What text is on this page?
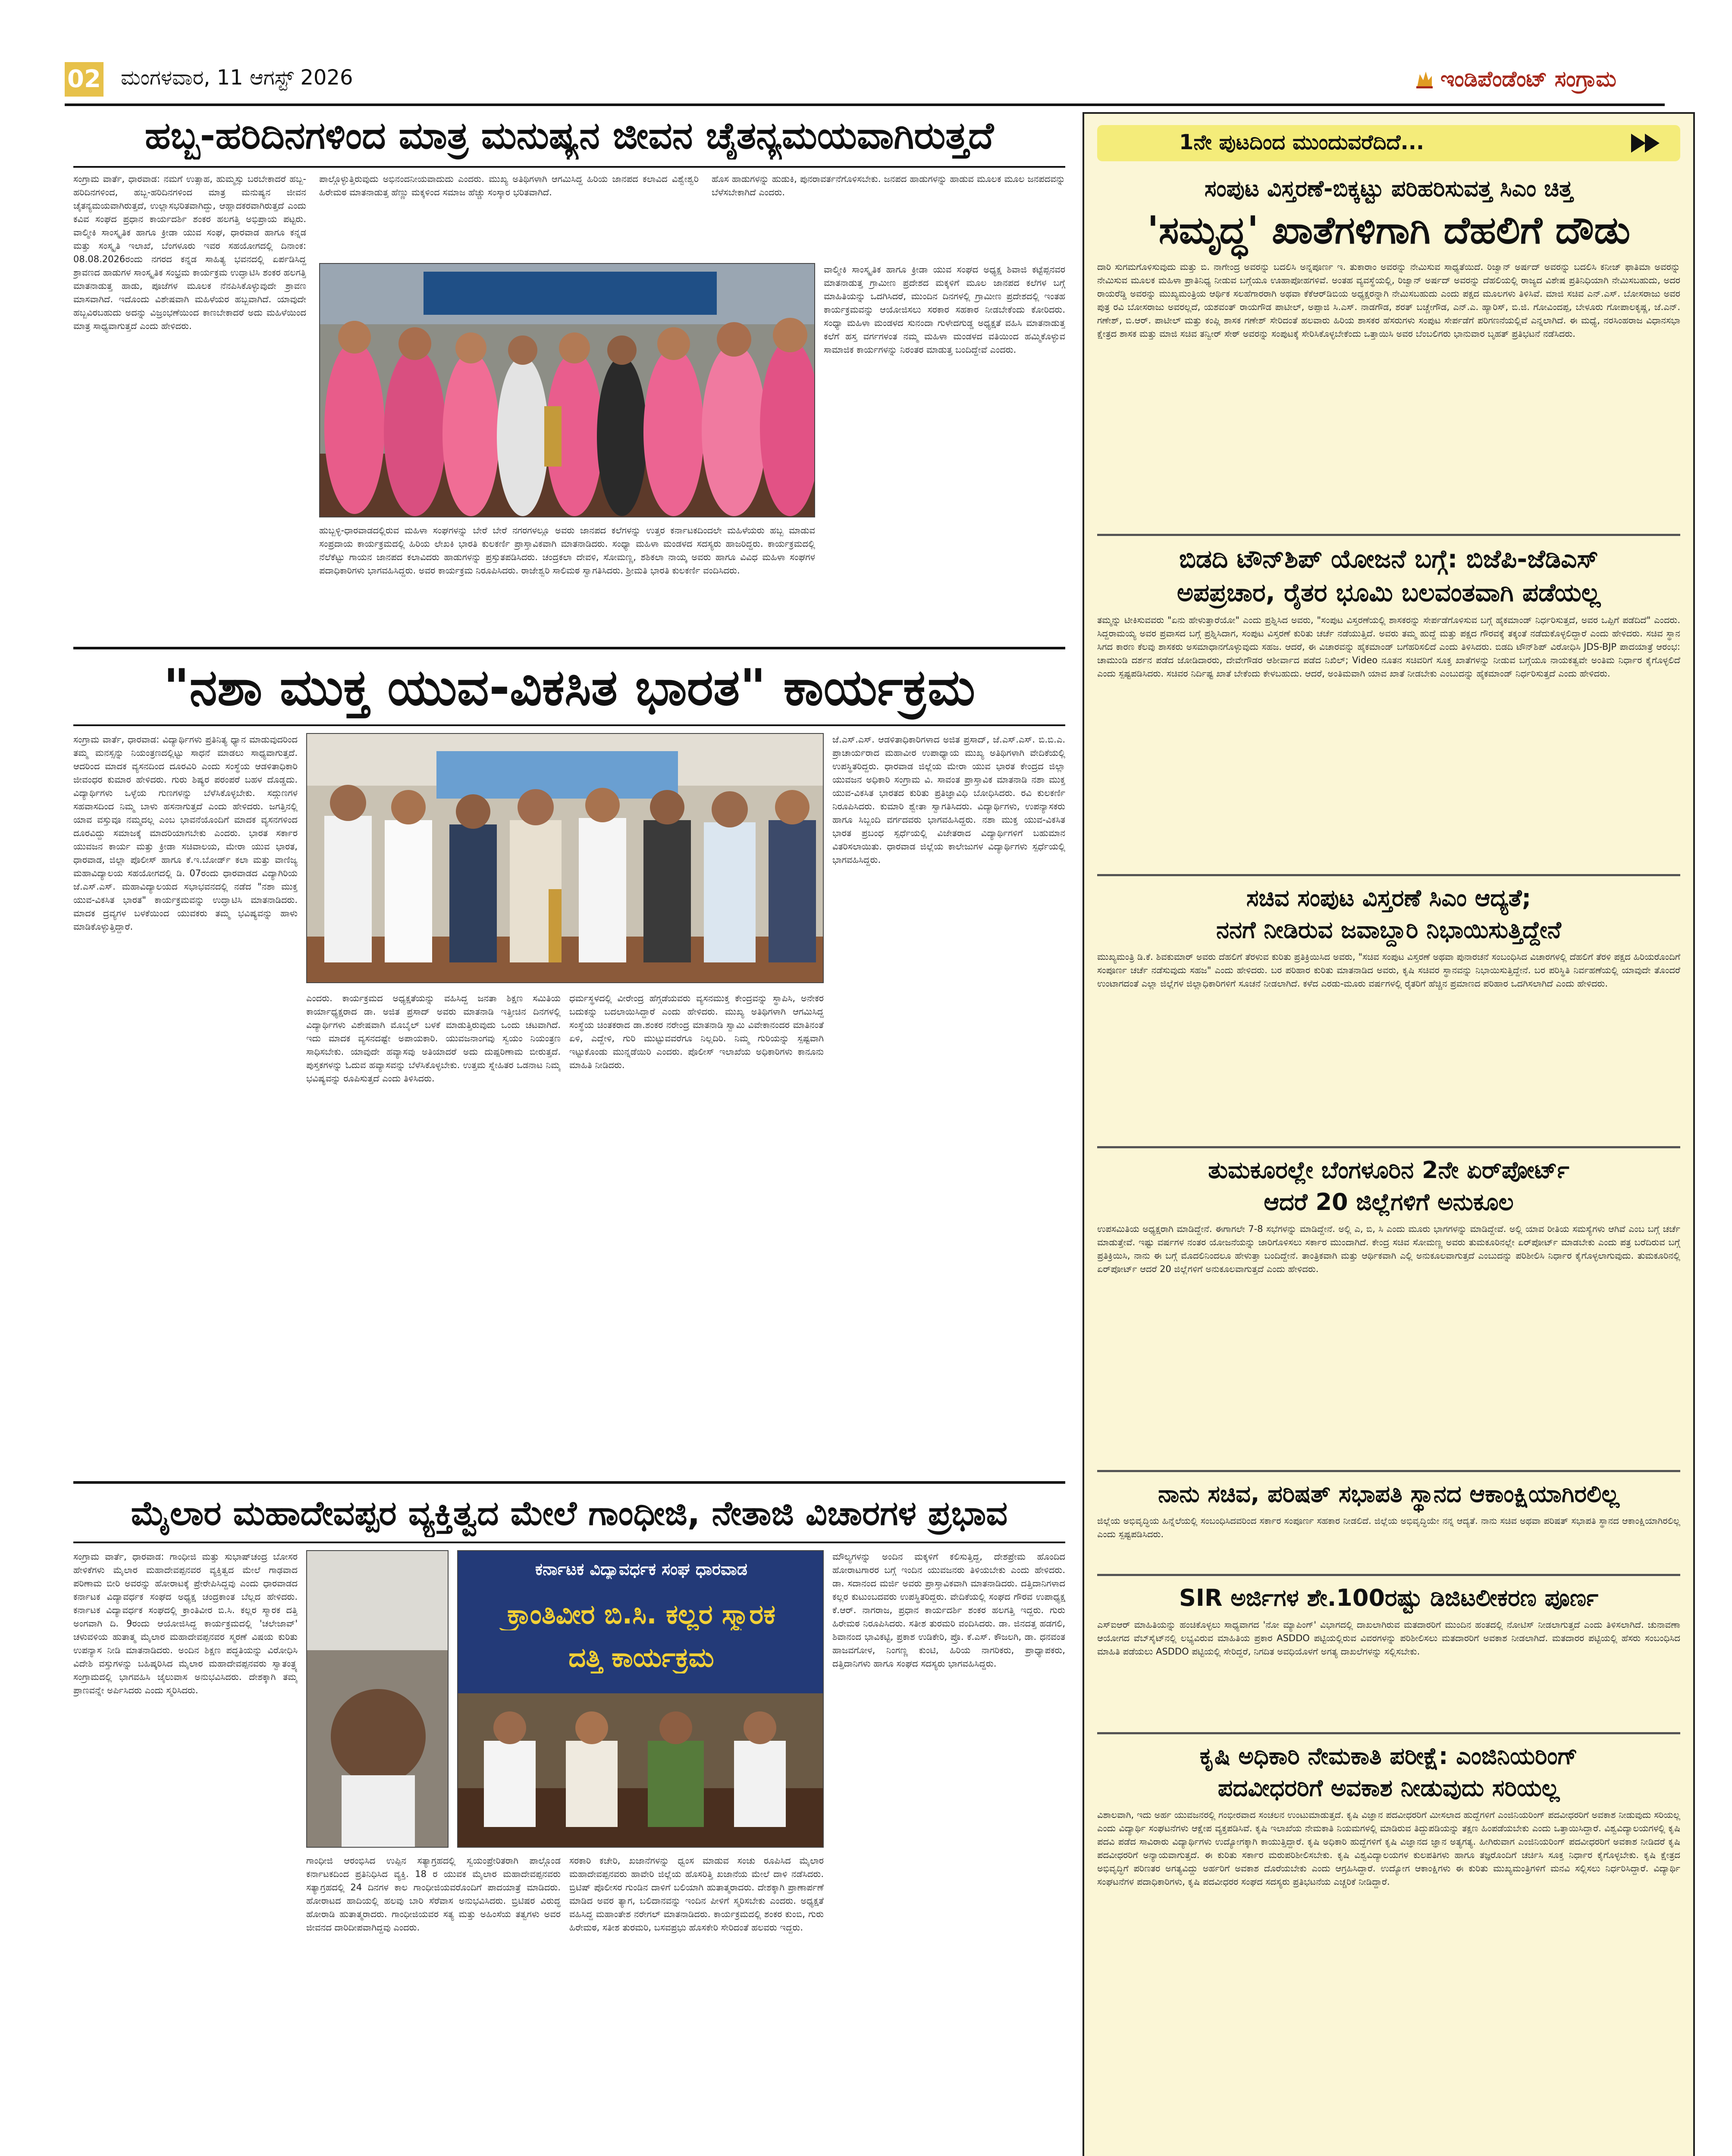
02 ಮಂಗಳವಾರ, 11 ಆಗಸ್ಟ್ 2026	ಇಂಡಿಪೆಂಡೆಂಟ್ ಸಂಗ್ರಾಮ
ಹಬ್ಬ-ಹರಿದಿನಗಳಿಂದ ಮಾತ್ರ ಮನುಷ್ಯನ ಜೀವನ ಚೈತನ್ಯಮಯವಾಗಿರುತ್ತದೆ
ಸಂಗ್ರಾಮ ವಾರ್ತೆ, ಧಾರವಾಡ: ನಮಗೆ ಉತ್ಸಾಹ, ಹುಮ್ಮಸ್ಸು ಬರಬೇಕಾದರೆ ಹಬ್ಬ-ಹರಿದಿನಗಳಿಂದ, ಹಬ್ಬ-ಹರಿದಿನಗಳಿಂದ ಮಾತ್ರ ಮನುಷ್ಯನ ಜೀವನ ಚೈತನ್ಯಮಯವಾಗಿರುತ್ತದೆ, ಉಲ್ಲಾಸಭರಿತವಾಗಿದ್ದು, ಆಹ್ಲಾದಕರವಾಗಿರುತ್ತದೆ ಎಂದು ಕವಿವ ಸಂಘದ ಪ್ರಧಾನ ಕಾರ್ಯದರ್ಶಿ ಶಂಕರ ಹಲಗತ್ತಿ ಅಭಿಪ್ರಾಯ ಪಟ್ಟರು. ವಾಲ್ಮೀಕಿ ಸಾಂಸ್ಕೃತಿಕ ಹಾಗೂ ಕ್ರೀಡಾ ಯುವ ಸಂಘ, ಧಾರವಾಡ ಹಾಗೂ ಕನ್ನಡ ಮತ್ತು ಸಂಸ್ಕೃತಿ ಇಲಾಖೆ, ಬೆಂಗಳೂರು ಇವರ ಸಹಯೋಗದಲ್ಲಿ ದಿನಾಂಕ: 08.08.2026ರಂದು ನಗರದ ಕನ್ನಡ ಸಾಹಿತ್ಯ ಭವನದಲ್ಲಿ ಏರ್ಪಡಿಸಿದ್ದ ಶ್ರಾವಣದ ಹಾಡುಗಳ ಸಾಂಸ್ಕೃತಿಕ ಸಂಭ್ರಮ ಕಾರ್ಯಕ್ರಮ ಉದ್ಘಾಟಿಸಿ ಶಂಕರ ಹಲಗತ್ತಿ ಮಾತನಾಡುತ್ತ ಹಾಡು, ಪೂಜೆಗಳ ಮೂಲಕ ನೆನಪಿಸಿಕೊಳ್ಳುವುದೇ ಶ್ರಾವಣ ಮಾಸವಾಗಿದೆ. ಇದೊಂದು ವಿಶೇಷವಾಗಿ ಮಹಿಳೆಯರ ಹಬ್ಬವಾಗಿದೆ. ಯಾವುದೇ ಹಬ್ಬವಿರಬಹುದು ಅದನ್ನು ವಿಜ್ರಂಭಣೆಯಿಂದ ಕಾಣಬೇಕಾದರೆ ಅದು ಮಹಿಳೆಯಿಂದ ಮಾತ್ರ ಸಾಧ್ಯವಾಗುತ್ತದೆ ಎಂದು ಹೇಳಿದರು.
ಪಾಲ್ಗೊಳ್ಳುತ್ತಿರುವುದು ಅಭಿನಂದನೀಯವಾದುದು ಎಂದರು. ಮುಖ್ಯ ಅತಿಥಿಗಳಾಗಿ ಆಗಮಿಸಿದ್ದ ಹಿರಿಯ ಜಾನಪದ ಕಲಾವಿದ ವಿಶ್ವೇಶ್ವರಿ ಹಿರೇಮಠ ಮಾತನಾಡುತ್ತ ಹೆಣ್ಣು ಮಕ್ಕಳಿಂದ ಸಮಾಜ ಹೆಚ್ಚು ಸಂಸ್ಕಾರ ಭರಿತವಾಗಿದೆ.
ಹೊಸ ಹಾಡುಗಳನ್ನು ಹುಡುಕಿ, ಪುನರಾವರ್ತನೆಗೊಳಿಸಬೇಕು. ಜನಪದ ಹಾಡುಗಳನ್ನು ಹಾಡುವ ಮೂಲಕ ಮೂಲ ಜನಪದವನ್ನು ಬೆಳೆಸಬೇಕಾಗಿದೆ ಎಂದರು.
ವಾಲ್ಮೀಕಿ ಸಾಂಸ್ಕೃತಿಕ ಹಾಗೂ ಕ್ರೀಡಾ ಯುವ ಸಂಘದ ಅಧ್ಯಕ್ಷ ಶಿವಾಜಿ ಕಟ್ಟೆಪ್ಪನವರ ಮಾತನಾಡುತ್ತ ಗ್ರಾಮೀಣ ಪ್ರದೇಶದ ಮಕ್ಕಳಿಗೆ ಮೂಲ ಜಾನಪದ ಕಲೆಗಳ ಬಗ್ಗೆ ಮಾಹಿತಿಯನ್ನು ಒದಗಿಸಿದರೆ, ಮುಂದಿನ ದಿನಗಳಲ್ಲಿ ಗ್ರಾಮೀಣ ಪ್ರದೇಶದಲ್ಲಿ ಇಂತಹ ಕಾರ್ಯಕ್ರಮವನ್ನು ಆಯೋಜಿಸಲು ಸರಕಾರ ಸಹಕಾರ ನೀಡಬೇಕೆಂದು ಕೋರಿದರು. ಸಂಧ್ಯಾ ಮಹಿಳಾ ಮಂಡಳದ ಸುನಂದಾ ಗುಳೇದಗುಡ್ಡ ಅಧ್ಯಕ್ಷತೆ ವಹಿಸಿ ಮಾತನಾಡುತ್ತ ಕಲೆಗೆ ಹಸ್ತ ವರ್ಗಗಳಂತ ನಮ್ಮ ಮಹಿಳಾ ಮಂಡಳದ ವತಿಯಿಂದ ಹಮ್ಮಿಕೊಳ್ಳುವ ಸಾಮಾಜಿಕ ಕಾರ್ಯಗಳನ್ನು ನಿರಂತರ ಮಾಡುತ್ತ ಬಂದಿದ್ದೇವೆ ಎಂದರು.
ಹುಬ್ಬಳ್ಳಿ-ಧಾರವಾಡದಲ್ಲಿರುವ ಮಹಿಳಾ ಸಂಘಗಳನ್ನು ಬೇರೆ ಬೇರೆ ನಗರಗಳಲ್ಲೂ ಅವರು ಜಾನಪದ ಕಲೆಗಳನ್ನು ಉತ್ತರ ಕರ್ನಾಟಕದಿಂದಲೇ ಮಹಿಳೆಯರು ಹಬ್ಬ ಮಾಡುವ ಸಂಪ್ರದಾಯ ಕಾರ್ಯಕ್ರಮದಲ್ಲಿ ಹಿರಿಯ ಲೇಖಕಿ ಭಾರತಿ ಕುಲಕರ್ಣಿ ಪ್ರಾಸ್ತಾವಿಕವಾಗಿ ಮಾತನಾಡಿದರು. ಸಂಧ್ಯಾ ಮಹಿಳಾ ಮಂಡಳದ ಸದಸ್ಯರು ಹಾಜರಿದ್ದರು. ಕಾರ್ಯಕ್ರಮದಲ್ಲಿ ನೆಲೆಕೆಟ್ಟು ಗಾಯನ ಜಾನಪದ ಕಲಾವಿದರು ಹಾಡುಗಳನ್ನು ಪ್ರಸ್ತುತಪಡಿಸಿದರು. ಚಂದ್ರಕಲಾ ದೇವಳಿ, ಸೋಮಣ್ಣ, ಶಶಿಕಲಾ ನಾಯ್ಕ ಅವರು ಹಾಗೂ ವಿವಿಧ ಮಹಿಳಾ ಸಂಘಗಳ ಪದಾಧಿಕಾರಿಗಳು ಭಾಗವಹಿಸಿದ್ದರು. ಅವರ ಕಾರ್ಯಕ್ರಮ ನಿರೂಪಿಸಿದರು. ರಾಜೇಶ್ವರಿ ಸಾಲಿಮಠ ಸ್ವಾಗತಿಸಿದರು. ಶ್ರೀಮತಿ ಭಾರತಿ ಕುಲಕರ್ಣಿ ವಂದಿಸಿದರು.
"ನಶಾ ಮುಕ್ತ ಯುವ-ವಿಕಸಿತ ಭಾರತ" ಕಾರ್ಯಕ್ರಮ
ಸಂಗ್ರಾಮ ವಾರ್ತೆ, ಧಾರವಾಡ: ವಿದ್ಯಾರ್ಥಿಗಳು ಪ್ರತಿನಿತ್ಯ ಧ್ಯಾನ ಮಾಡುವುದರಿಂದ ತಮ್ಮ ಮನಸ್ಸನ್ನು ನಿಯಂತ್ರಣದಲ್ಲಿಟ್ಟು ಸಾಧನೆ ಮಾಡಲು ಸಾಧ್ಯವಾಗುತ್ತದೆ. ಆದರಿಂದ ಮಾದಕ ವ್ಯಸನದಿಂದ ದೂರವಿರಿ ಎಂದು ಸಂಸ್ಥೆಯ ಆಡಳಿತಾಧಿಕಾರಿ ಜೀವಂಧರ ಕುಮಾರ ಹೇಳಿದರು. ಗುರು ಶಿಷ್ಯರ ಪರಂಪರೆ ಬಹಳ ದೊಡ್ಡದು. ವಿದ್ಯಾರ್ಥಿಗಳು ಒಳ್ಳೆಯ ಗುಣಗಳನ್ನು ಬೆಳೆಸಿಕೊಳ್ಳಬೇಕು. ಸದ್ಗುಣಗಳ ಸಹವಾಸದಿಂದ ನಿಮ್ಮ ಬಾಳು ಹಸನಾಗುತ್ತದೆ ಎಂದು ಹೇಳಿದರು. ಜಗತ್ತಿನಲ್ಲಿ ಯಾವ ವಸ್ತುವೂ ನಮ್ಮದಲ್ಲ ಎಂಬ ಭಾವನೆಯೊಂದಿಗೆ ಮಾದಕ ವ್ಯಸನಗಳಿಂದ ದೂರವಿದ್ದು ಸಮಾಜಕ್ಕೆ ಮಾದರಿಯಾಗಬೇಕು ಎಂದರು. ಭಾರತ ಸರ್ಕಾರ ಯುವಜನ ಕಾರ್ಯ ಮತ್ತು ಕ್ರೀಡಾ ಸಚಿವಾಲಯ, ಮೇರಾ ಯುವ ಭಾರತ, ಧಾರವಾಡ, ಜಿಲ್ಲಾ ಪೊಲೀಸ್ ಹಾಗೂ ಕೆ.ಇ.ಬೋರ್ಡ್ ಕಲಾ ಮತ್ತು ವಾಣಿಜ್ಯ ಮಹಾವಿದ್ಯಾಲಯ ಸಹಯೋಗದಲ್ಲಿ ಡಿ. 07ರಂದು ಧಾರವಾಡದ ವಿದ್ಯಾಗಿರಿಯ ಜೆ.ಎಸ್.ಎಸ್. ಮಹಾವಿದ್ಯಾಲಯದ ಸಭಾಭವನದಲ್ಲಿ ನಡೆದ "ನಶಾ ಮುಕ್ತ ಯುವ-ವಿಕಸಿತ ಭಾರತ" ಕಾರ್ಯಕ್ರಮವನ್ನು ಉದ್ಘಾಟಿಸಿ ಮಾತನಾಡಿದರು. ಮಾದಕ ದ್ರವ್ಯಗಳ ಬಳಕೆಯಿಂದ ಯುವಕರು ತಮ್ಮ ಭವಿಷ್ಯವನ್ನು ಹಾಳು ಮಾಡಿಕೊಳ್ಳುತ್ತಿದ್ದಾರೆ.
ಜೆ.ಎಸ್.ಎಸ್. ಆಡಳಿತಾಧಿಕಾರಿಗಳಾದ ಅಜಿತ ಪ್ರಸಾದ್, ಜೆ.ಎಸ್.ಎಸ್. ಬಿ.ಬಿ.ಎ. ಪ್ರಾಚಾರ್ಯರಾದ ಮಹಾವೀರ ಉಪಾಧ್ಯಾಯ ಮುಖ್ಯ ಅತಿಥಿಗಳಾಗಿ ವೇದಿಕೆಯಲ್ಲಿ ಉಪಸ್ಥಿತರಿದ್ದರು. ಧಾರವಾಡ ಜಿಲ್ಲೆಯ ಮೇರಾ ಯುವ ಭಾರತ ಕೇಂದ್ರದ ಜಿಲ್ಲಾ ಯುವಜನ ಅಧಿಕಾರಿ ಸಂಗ್ರಾಮ ವಿ. ಸಾವಂತ ಪ್ರಾಸ್ತಾವಿಕ ಮಾತನಾಡಿ ನಶಾ ಮುಕ್ತ ಯುವ-ವಿಕಸಿತ ಭಾರತದ ಕುರಿತು ಪ್ರತಿಜ್ಞಾವಿಧಿ ಬೋಧಿಸಿದರು. ರವಿ ಕುಲಕರ್ಣಿ ನಿರೂಪಿಸಿದರು. ಕುಮಾರಿ ಶ್ವೇತಾ ಸ್ವಾಗತಿಸಿದರು. ವಿದ್ಯಾರ್ಥಿಗಳು, ಉಪನ್ಯಾಸಕರು ಹಾಗೂ ಸಿಬ್ಬಂದಿ ವರ್ಗದವರು ಭಾಗವಹಿಸಿದ್ದರು. ನಶಾ ಮುಕ್ತ ಯುವ-ವಿಕಸಿತ ಭಾರತ ಪ್ರಬಂಧ ಸ್ಪರ್ಧೆಯಲ್ಲಿ ವಿಜೇತರಾದ ವಿದ್ಯಾರ್ಥಿಗಳಿಗೆ ಬಹುಮಾನ ವಿತರಿಸಲಾಯಿತು. ಧಾರವಾಡ ಜಿಲ್ಲೆಯ ಕಾಲೇಜುಗಳ ವಿದ್ಯಾರ್ಥಿಗಳು ಸ್ಪರ್ಧೆಯಲ್ಲಿ ಭಾಗವಹಿಸಿದ್ದರು.
ಎಂದರು. ಕಾರ್ಯಕ್ರಮದ ಅಧ್ಯಕ್ಷತೆಯನ್ನು ವಹಿಸಿದ್ದ ಜನತಾ ಶಿಕ್ಷಣ ಸಮಿತಿಯ ಕಾರ್ಯಾಧ್ಯಕ್ಷರಾದ ಡಾ. ಅಜಿತ ಪ್ರಸಾದ್ ಅವರು ಮಾತನಾಡಿ ಇತ್ತೀಚಿನ ದಿನಗಳಲ್ಲಿ ವಿದ್ಯಾರ್ಥಿಗಳು ವಿಶೇಷವಾಗಿ ಮೊಬೈಲ್ ಬಳಕೆ ಮಾಡುತ್ತಿರುವುದು ಒಂದು ಚಟವಾಗಿದೆ. ಇದು ಮಾದಕ ವ್ಯಸನದಷ್ಟೇ ಅಪಾಯಕಾರಿ. ಯುವಜನಾಂಗವು ಸ್ವಯಂ ನಿಯಂತ್ರಣ ಸಾಧಿಸಬೇಕು. ಯಾವುದೇ ಹವ್ಯಾಸವು ಅತಿಯಾದರೆ ಅದು ದುಷ್ಪರಿಣಾಮ ಬೀರುತ್ತದೆ. ಪುಸ್ತಕಗಳನ್ನು ಓದುವ ಹವ್ಯಾಸವನ್ನು ಬೆಳೆಸಿಕೊಳ್ಳಬೇಕು. ಉತ್ತಮ ಸ್ನೇಹಿತರ ಒಡನಾಟ ನಿಮ್ಮ ಭವಿಷ್ಯವನ್ನು ರೂಪಿಸುತ್ತದೆ ಎಂದು ತಿಳಿಸಿದರು.
ಧರ್ಮಸ್ಥಳದಲ್ಲಿ ವೀರೇಂದ್ರ ಹೆಗ್ಗಡೆಯವರು ವ್ಯಸನಮುಕ್ತ ಕೇಂದ್ರವನ್ನು ಸ್ಥಾಪಿಸಿ, ಅನೇಕರ ಬದುಕನ್ನು ಬದಲಾಯಿಸಿದ್ದಾರೆ ಎಂದು ಹೇಳಿದರು. ಮುಖ್ಯ ಅತಿಥಿಗಳಾಗಿ ಆಗಮಿಸಿದ್ದ ಸಂಸ್ಥೆಯ ಚಿಂತಕರಾದ ಡಾ.ಶಂಕರ ನರೇಂದ್ರ ಮಾತನಾಡಿ ಸ್ವಾಮಿ ವಿವೇಕಾನಂದರ ಮಾತಿನಂತೆ ಏಳಿ, ಎದ್ದೇಳಿ, ಗುರಿ ಮುಟ್ಟುವವರೆಗೂ ನಿಲ್ಲದಿರಿ. ನಿಮ್ಮ ಗುರಿಯನ್ನು ಸ್ಪಷ್ಟವಾಗಿ ಇಟ್ಟುಕೊಂಡು ಮುನ್ನಡೆಯಿರಿ ಎಂದರು. ಪೊಲೀಸ್ ಇಲಾಖೆಯ ಅಧಿಕಾರಿಗಳು ಕಾನೂನು ಮಾಹಿತಿ ನೀಡಿದರು.
ಮೈಲಾರ ಮಹಾದೇವಪ್ಪರ ವ್ಯಕ್ತಿತ್ವದ ಮೇಲೆ ಗಾಂಧೀಜಿ, ನೇತಾಜಿ ವಿಚಾರಗಳ ಪ್ರಭಾವ
ಸಂಗ್ರಾಮ ವಾರ್ತೆ, ಧಾರವಾಡ: ಗಾಂಧೀಜಿ ಮತ್ತು ಸುಭಾಷ್‌ಚಂದ್ರ ಬೋಸರ ಹೇಳಿಕೆಗಳು ಮೈಲಾರ ಮಹಾದೇವಪ್ಪನವರ ವ್ಯಕ್ತಿತ್ವದ ಮೇಲೆ ಗಾಢವಾದ ಪರಿಣಾಮ ಬೀರಿ ಅವರನ್ನು ಹೋರಾಟಕ್ಕೆ ಪ್ರೇರೇಪಿಸಿದ್ದವು ಎಂದು ಧಾರವಾಡದ ಕರ್ನಾಟಕ ವಿದ್ಯಾವರ್ಧಕ ಸಂಘದ ಅಧ್ಯಕ್ಷ ಚಂದ್ರಕಾಂತ ಬೆಲ್ಲದ ಹೇಳಿದರು. ಕರ್ನಾಟಕ ವಿದ್ಯಾವರ್ಧಕ ಸಂಘದಲ್ಲಿ ಕ್ರಾಂತಿವೀರ ಬಿ.ಸಿ. ಕಲ್ಲರ ಸ್ಮಾರಕ ದತ್ತಿ ಅಂಗವಾಗಿ ದಿ. 9ರಂದು ಆಯೋಜಿಸಿದ್ದ ಕಾರ್ಯಕ್ರಮದಲ್ಲಿ 'ಚಲೇಜಾವ್' ಚಳುವಳಿಯ ಹುತಾತ್ಮ ಮೈಲಾರ ಮಹಾದೇವಪ್ಪನವರ ಸ್ಮರಣೆ ವಿಷಯ ಕುರಿತು ಉಪನ್ಯಾಸ ನೀಡಿ ಮಾತನಾಡಿದರು. ಅಂದಿನ ಶಿಕ್ಷಣ ಪದ್ಧತಿಯನ್ನು ವಿರೋಧಿಸಿ ವಿದೇಶಿ ವಸ್ತುಗಳನ್ನು ಬಹಿಷ್ಕರಿಸಿದ ಮೈಲಾರ ಮಹಾದೇವಪ್ಪನವರು ಸ್ವಾತಂತ್ರ್ಯ ಸಂಗ್ರಾಮದಲ್ಲಿ ಭಾಗವಹಿಸಿ ಜೈಲುವಾಸ ಅನುಭವಿಸಿದರು. ದೇಶಕ್ಕಾಗಿ ತಮ್ಮ ಪ್ರಾಣವನ್ನೇ ಅರ್ಪಿಸಿದರು ಎಂದು ಸ್ಮರಿಸಿದರು.
ಕರ್ನಾಟಕ ವಿದ್ಯಾವರ್ಧಕ ಸಂಘ ಧಾರವಾಡ
ಕ್ರಾಂತಿವೀರ ಬಿ.ಸಿ. ಕಲ್ಲರ ಸ್ಮಾರಕ
ದತ್ತಿ ಕಾರ್ಯಕ್ರಮ
ಗಾಂಧೀಜಿ ಆರಂಭಿಸಿದ ಉಪ್ಪಿನ ಸತ್ಯಾಗ್ರಹದಲ್ಲಿ ಸ್ವಯಂಪ್ರೇರಿತರಾಗಿ ಪಾಲ್ಗೊಂಡ ಕರ್ನಾಟಕದಿಂದ ಪ್ರತಿನಿಧಿಸಿದ ವ್ಯಕ್ತಿ. 18 ರ ಯುವಕ ಮೈಲಾರ ಮಹಾದೇವಪ್ಪನವರು ಸತ್ಯಾಗ್ರಹದಲ್ಲಿ 24 ದಿನಗಳ ಕಾಲ ಗಾಂಧೀಜಿಯವರೊಂದಿಗೆ ಪಾದಯಾತ್ರೆ ಮಾಡಿದರು. ಹೋರಾಟದ ಹಾದಿಯಲ್ಲಿ ಹಲವು ಬಾರಿ ಸೆರೆವಾಸ ಅನುಭವಿಸಿದರು. ಬ್ರಿಟಿಷರ ವಿರುದ್ಧ ಹೋರಾಡಿ ಹುತಾತ್ಮರಾದರು. ಗಾಂಧೀಜಿಯವರ ಸತ್ಯ ಮತ್ತು ಅಹಿಂಸೆಯ ತತ್ವಗಳು ಅವರ ಜೀವನದ ದಾರಿದೀಪವಾಗಿದ್ದವು ಎಂದರು.
ಸರಕಾರಿ ಕಚೇರಿ, ಖಜಾನೆಗಳನ್ನು ಧ್ವಂಸ ಮಾಡುವ ಸಂಚು ರೂಪಿಸಿದ ಮೈಲಾರ ಮಹಾದೇವಪ್ಪನವರು ಹಾವೇರಿ ಜಿಲ್ಲೆಯ ಹೊಸರಿತ್ತಿ ಖಜಾನೆಯ ಮೇಲೆ ದಾಳಿ ನಡೆಸಿದರು. ಬ್ರಿಟಿಷ್ ಪೊಲೀಸರ ಗುಂಡಿನ ದಾಳಿಗೆ ಬಲಿಯಾಗಿ ಹುತಾತ್ಮರಾದರು. ದೇಶಕ್ಕಾಗಿ ಪ್ರಾಣಾರ್ಪಣೆ ಮಾಡಿದ ಅವರ ತ್ಯಾಗ, ಬಲಿದಾನವನ್ನು ಇಂದಿನ ಪೀಳಿಗೆ ಸ್ಮರಿಸಬೇಕು ಎಂದರು. ಅಧ್ಯಕ್ಷತೆ ವಹಿಸಿದ್ದ ಮಹಾಂತೇಶ ನರೇಗಲ್ ಮಾತನಾಡಿದರು. ಕಾರ್ಯಕ್ರಮದಲ್ಲಿ ಶಂಕರ ಕುಂಬಿ, ಗುರು ಹಿರೇಮಠ, ಸತೀಶ ತುರಮರಿ, ಬಸವಪ್ರಭು ಹೊಸಕೇರಿ ಸೇರಿದಂತೆ ಹಲವರು ಇದ್ದರು.
ಮೌಲ್ಯಗಳನ್ನು ಅಂದಿನ ಮಕ್ಕಳಿಗೆ ಕಲಿಸುತ್ತಿದ್ದ, ದೇಶಪ್ರೇಮ ಹೊಂದಿದ ಹೋರಾಟಗಾರರ ಬಗ್ಗೆ ಇಂದಿನ ಯುವಜನರು ತಿಳಿಯಬೇಕು ಎಂದು ಹೇಳಿದರು. ಡಾ. ಸದಾನಂದ ಮರ್ಜಿ ಅವರು ಪ್ರಾಸ್ತಾವಿಕವಾಗಿ ಮಾತನಾಡಿದರು. ದತ್ತಿದಾನಿಗಳಾದ ಕಲ್ಲರ ಕುಟುಂಬದವರು ಉಪಸ್ಥಿತರಿದ್ದರು. ವೇದಿಕೆಯಲ್ಲಿ ಸಂಘದ ಗೌರವ ಉಪಾಧ್ಯಕ್ಷ ಕೆ.ಆರ್. ನಾಗರಾಜ, ಪ್ರಧಾನ ಕಾರ್ಯದರ್ಶಿ ಶಂಕರ ಹಲಗತ್ತಿ ಇದ್ದರು. ಗುರು ಹಿರೇಮಠ ನಿರೂಪಿಸಿದರು. ಸತೀಶ ತುರಮರಿ ವಂದಿಸಿದರು. ಡಾ. ಜಿನದತ್ತ ಹಡಗಲಿ, ಶಿವಾನಂದ ಭಾವಿಕಟ್ಟಿ, ಪ್ರಕಾಶ ಉಡಿಕೇರಿ, ಪ್ರೊ. ಕೆ.ಎಸ್. ಕೌಜಲಗಿ, ಡಾ. ಧನವಂತ ಹಾಜವಗೋಳ, ನಿಂಗಣ್ಣ ಕುಂಟಿ, ಹಿರಿಯ ನಾಗರಿಕರು, ಪ್ರಾಧ್ಯಾಪಕರು, ದತ್ತಿದಾನಿಗಳು ಹಾಗೂ ಸಂಘದ ಸದಸ್ಯರು ಭಾಗವಹಿಸಿದ್ದರು.
1ನೇ ಪುಟದಿಂದ ಮುಂದುವರೆದಿದೆ...
ಸಂಪುಟ ವಿಸ್ತರಣೆ-ಬಿಕ್ಕಟ್ಟು ಪರಿಹರಿಸುವತ್ತ ಸಿಎಂ ಚಿತ್ತ
'ಸಮೃದ್ಧ' ಖಾತೆಗಳಿಗಾಗಿ ದೆಹಲಿಗೆ ದೌಡು
ದಾರಿ ಸುಗಮಗೊಳಿಸುವುದು ಮತ್ತು ಬಿ. ನಾಗೇಂದ್ರ ಅವರನ್ನು ಬದಲಿಸಿ ಅನ್ನಪೂರ್ಣ ಇ. ತುಕಾರಾಂ ಅವರನ್ನು ನೇಮಿಸುವ ಸಾಧ್ಯತೆಯಿದೆ. ರಿಜ್ವಾನ್ ಅರ್ಷದ್ ಅವರನ್ನು ಬದಲಿಸಿ ಕನೀಜ್ ಫಾತಿಮಾ ಅವರನ್ನು ನೇಮಿಸುವ ಮೂಲಕ ಮಹಿಳಾ ಪ್ರಾತಿನಿಧ್ಯ ನೀಡುವ ಬಗ್ಗೆಯೂ ಊಹಾಪೋಹಗಳಿವೆ. ಅಂತಹ ವ್ಯವಸ್ಥೆಯಲ್ಲಿ, ರಿಜ್ವಾನ್ ಅರ್ಷದ್ ಅವರನ್ನು ದೆಹಲಿಯಲ್ಲಿ ರಾಜ್ಯದ ವಿಶೇಷ ಪ್ರತಿನಿಧಿಯಾಗಿ ನೇಮಿಸಬಹುದು, ಅದರ ರಾಯರೆಡ್ಡಿ ಅವರನ್ನು ಮುಖ್ಯಮಂತ್ರಿಯ ಆರ್ಥಿಕ ಸಲಹೆಗಾರರಾಗಿ ಅಥವಾ ಕೆಕೆಆರ್‌ಡಿಬಿಯ ಅಧ್ಯಕ್ಷರನ್ನಾಗಿ ನೇಮಿಸಬಹುದು ಎಂದು ಪಕ್ಷದ ಮೂಲಗಳು ತಿಳಿಸಿವೆ. ಮಾಜಿ ಸಚಿವ ಎನ್.ಎಸ್. ಬೋಸರಾಜು ಅವರ ಪುತ್ರ ರವಿ ಬೋಸರಾಜು ಅವರಲ್ಲದೆ, ಯಶವಂತ್ ರಾಯಗೌಡ ಪಾಟೀಲ್, ಅಪ್ಪಾಜಿ ಸಿ.ಎಸ್. ನಾಡಗೌಡ, ಶರತ್ ಬಚ್ಚೇಗೌಡ, ಎನ್.ಎ. ಹ್ಯಾರಿಸ್, ಬಿ.ಜಿ. ಗೋವಿಂದಪ್ಪ, ಬೇಳೂರು ಗೋಪಾಲಕೃಷ್ಣ, ಜೆ.ಎನ್. ಗಣೇಶ್, ಬಿ.ಆರ್. ಪಾಟೀಲ್ ಮತ್ತು ಕಂಪ್ಲಿ ಶಾಸಕ ಗಣೇಶ್ ಸೇರಿದಂತೆ ಹಲವಾರು ಹಿರಿಯ ಶಾಸಕರ ಹೆಸರುಗಳು ಸಂಪುಟ ಸೇರ್ಪಡೆಗೆ ಪರಿಗಣನೆಯಲ್ಲಿವೆ ಎನ್ನಲಾಗಿದೆ. ಈ ಮಧ್ಯೆ, ನರಸಿಂಹರಾಜ ವಿಧಾನಸಭಾ ಕ್ಷೇತ್ರದ ಶಾಸಕ ಮತ್ತು ಮಾಜಿ ಸಚಿವ ತನ್ವೀರ್ ಸೇಠ್ ಅವರನ್ನು ಸಂಪುಟಕ್ಕೆ ಸೇರಿಸಿಕೊಳ್ಳಬೇಕೆಂದು ಒತ್ತಾಯಿಸಿ ಅವರ ಬೆಂಬಲಿಗರು ಭಾನುವಾರ ಬೃಹತ್ ಪ್ರತಿಭಟನೆ ನಡೆಸಿದರು.
ಬಿಡದಿ ಟೌನ್‌ಶಿಪ್ ಯೋಜನೆ ಬಗ್ಗೆ: ಬಿಜೆಪಿ-ಜೆಡಿಎಸ್
ಅಪಪ್ರಚಾರ, ರೈತರ ಭೂಮಿ ಬಲವಂತವಾಗಿ ಪಡೆಯಲ್ಲ
ತಮ್ಮನ್ನು ಟೀಕಿಸುವವರು "ಏನು ಹೇಳುತ್ತಾರೆಯೋ" ಎಂದು ಪ್ರಶ್ನಿಸಿದ ಅವರು, "ಸಂಪುಟ ವಿಸ್ತರಣೆಯಲ್ಲಿ ಶಾಸಕರನ್ನು ಸೇರ್ಪಡೆಗೊಳಿಸುವ ಬಗ್ಗೆ ಹೈಕಮಾಂಡ್ ನಿರ್ಧರಿಸುತ್ತದೆ, ಅವರ ಒಪ್ಪಿಗೆ ಪಡೆದಿದೆ" ಎಂದರು. ಸಿದ್ದರಾಮಯ್ಯ ಅವರ ಪ್ರವಾಸದ ಬಗ್ಗೆ ಪ್ರಶ್ನಿಸಿದಾಗ, ಸಂಪುಟ ವಿಸ್ತರಣೆ ಕುರಿತು ಚರ್ಚೆ ನಡೆಯುತ್ತಿದೆ. ಅವರು ತಮ್ಮ ಹುದ್ದೆ ಮತ್ತು ಪಕ್ಷದ ಗೌರವಕ್ಕೆ ತಕ್ಕಂತೆ ನಡೆದುಕೊಳ್ಳಲಿದ್ದಾರೆ ಎಂದು ಹೇಳಿದರು. ಸಚಿವ ಸ್ಥಾನ ಸಿಗದ ಕಾರಣ ಕೆಲವು ಶಾಸಕರು ಅಸಮಾಧಾನಗೊಳ್ಳುವುದು ಸಹಜ. ಆದರೆ, ಈ ವಿಚಾರವನ್ನು ಹೈಕಮಾಂಡ್ ಬಗೆಹರಿಸಲಿದೆ ಎಂದು ತಿಳಿಸಿದರು. ಬಿಡದಿ ಟೌನ್‌ಶಿಪ್ ವಿರೋಧಿಸಿ JDS-BJP ಪಾದಯಾತ್ರೆ ಆರಂಭ: ಚಾಮುಂಡಿ ದರ್ಶನ ಪಡೆದ ಜೋಡಿದಾರರು, ದೇವೇಗೌಡರ ಆಶೀರ್ವಾದ ಪಡೆದ ನಿಖಿಲ್; Video ನೂತನ ಸಚಿವರಿಗೆ ಸೂಕ್ತ ಖಾತೆಗಳನ್ನು ನೀಡುವ ಬಗ್ಗೆಯೂ ನಾಯಕತ್ವವೇ ಅಂತಿಮ ನಿರ್ಧಾರ ಕೈಗೊಳ್ಳಲಿದೆ ಎಂದು ಸ್ಪಷ್ಟಪಡಿಸಿದರು. ಸಚಿವರ ನಿರ್ದಿಷ್ಟ ಖಾತೆ ಬೇಕೆಂದು ಕೇಳಬಹುದು. ಆದರೆ, ಅಂತಿಮವಾಗಿ ಯಾವ ಖಾತೆ ನೀಡಬೇಕು ಎಂಬುದನ್ನು ಹೈಕಮಾಂಡ್ ನಿರ್ಧರಿಸುತ್ತದೆ ಎಂದು ಹೇಳಿದರು.
ಸಚಿವ ಸಂಪುಟ ವಿಸ್ತರಣೆ ಸಿಎಂ ಆದ್ಯತೆ;
ನನಗೆ ನೀಡಿರುವ ಜವಾಬ್ದಾರಿ ನಿಭಾಯಿಸುತ್ತಿದ್ದೇನೆ
ಮುಖ್ಯಮಂತ್ರಿ ಡಿ.ಕೆ. ಶಿವಕುಮಾರ್ ಅವರು ದೆಹಲಿಗೆ ತೆರಳುವ ಕುರಿತು ಪ್ರತಿಕ್ರಿಯಿಸಿದ ಅವರು, "ಸಚಿವ ಸಂಪುಟ ವಿಸ್ತರಣೆ ಅಥವಾ ಪುನಾರಚನೆ ಸಂಬಂಧಿಸಿದ ವಿಚಾರಗಳಲ್ಲಿ ದೆಹಲಿಗೆ ತೆರಳಿ ಪಕ್ಷದ ಹಿರಿಯರೊಂದಿಗೆ ಸಂಪೂರ್ಣ ಚರ್ಚೆ ನಡೆಸುವುದು ಸಹಜ" ಎಂದು ಹೇಳಿದರು. ಬರ ಪರಿಹಾರ ಕುರಿತು ಮಾತನಾಡಿದ ಅವರು, ಕೃಷಿ ಸಚಿವರ ಸ್ಥಾನವನ್ನು ನಿಭಾಯಿಸುತ್ತಿದ್ದೇನೆ. ಬರ ಪರಿಸ್ಥಿತಿ ನಿರ್ವಹಣೆಯಲ್ಲಿ ಯಾವುದೇ ತೊಂದರೆ ಉಂಟಾಗದಂತೆ ಎಲ್ಲಾ ಜಿಲ್ಲೆಗಳ ಜಿಲ್ಲಾಧಿಕಾರಿಗಳಿಗೆ ಸೂಚನೆ ನೀಡಲಾಗಿದೆ. ಕಳೆದ ಎರಡು-ಮೂರು ವರ್ಷಗಳಲ್ಲಿ ರೈತರಿಗೆ ಹೆಚ್ಚಿನ ಪ್ರಮಾಣದ ಪರಿಹಾರ ಒದಗಿಸಲಾಗಿದೆ ಎಂದು ಹೇಳಿದರು.
ತುಮಕೂರಲ್ಲೇ ಬೆಂಗಳೂರಿನ 2ನೇ ಏರ್‌ಪೋರ್ಟ್
ಆದರೆ 20 ಜಿಲ್ಲೆಗಳಿಗೆ ಅನುಕೂಲ
ಉಪಸಮಿತಿಯ ಅಧ್ಯಕ್ಷರಾಗಿ ಮಾಡಿದ್ದೇನೆ. ಈಗಾಗಲೇ 7-8 ಸಭೆಗಳನ್ನು ಮಾಡಿದ್ದೇನೆ. ಅಲ್ಲಿ ಎ, ಬಿ, ಸಿ ಎಂದು ಮೂರು ಭಾಗಗಳನ್ನು ಮಾಡಿದ್ದೇವೆ. ಅಲ್ಲಿ ಯಾವ ರೀತಿಯ ಸಮಸ್ಯೆಗಳು ಆಗಿವೆ ಎಂಬ ಬಗ್ಗೆ ಚರ್ಚೆ ಮಾಡುತ್ತೇವೆ. ಇಷ್ಟು ವರ್ಷಗಳ ನಂತರ ಯೋಜನೆಯನ್ನು ಜಾರಿಗೊಳಿಸಲು ಸರ್ಕಾರ ಮುಂದಾಗಿದೆ. ಕೇಂದ್ರ ಸಚಿವ ಸೋಮಣ್ಣ ಅವರು ತುಮಕೂರಿನಲ್ಲೇ ಏರ್‌ಪೋರ್ಟ್ ಮಾಡಬೇಕು ಎಂದು ಪತ್ರ ಬರೆದಿರುವ ಬಗ್ಗೆ ಪ್ರತಿಕ್ರಿಯಿಸಿ, ನಾನು ಈ ಬಗ್ಗೆ ಮೊದಲಿನಿಂದಲೂ ಹೇಳುತ್ತಾ ಬಂದಿದ್ದೇನೆ. ತಾಂತ್ರಿಕವಾಗಿ ಮತ್ತು ಆರ್ಥಿಕವಾಗಿ ಎಲ್ಲಿ ಅನುಕೂಲವಾಗುತ್ತದೆ ಎಂಬುದನ್ನು ಪರಿಶೀಲಿಸಿ ನಿರ್ಧಾರ ಕೈಗೊಳ್ಳಲಾಗುವುದು. ತುಮಕೂರಿನಲ್ಲಿ ಏರ್‌ಪೋರ್ಟ್ ಆದರೆ 20 ಜಿಲ್ಲೆಗಳಿಗೆ ಅನುಕೂಲವಾಗುತ್ತದೆ ಎಂದು ಹೇಳಿದರು.
ನಾನು ಸಚಿವ, ಪರಿಷತ್ ಸಭಾಪತಿ ಸ್ಥಾನದ ಆಕಾಂಕ್ಷಿಯಾಗಿರಲಿಲ್ಲ
ಜಿಲ್ಲೆಯ ಅಭಿವೃದ್ಧಿಯ ಹಿನ್ನೆಲೆಯಲ್ಲಿ ಸಂಬಂಧಿಸಿದವರಿಂದ ಸರ್ಕಾರ ಸಂಪೂರ್ಣ ಸಹಕಾರ ನೀಡಲಿದೆ. ಜಿಲ್ಲೆಯ ಅಭಿವೃದ್ಧಿಯೇ ನನ್ನ ಆದ್ಯತೆ. ನಾನು ಸಚಿವ ಅಥವಾ ಪರಿಷತ್ ಸಭಾಪತಿ ಸ್ಥಾನದ ಆಕಾಂಕ್ಷಿಯಾಗಿರಲಿಲ್ಲ ಎಂದು ಸ್ಪಷ್ಟಪಡಿಸಿದರು.
SIR ಅರ್ಜಿಗಳ ಶೇ.100ರಷ್ಟು ಡಿಜಿಟಲೀಕರಣ ಪೂರ್ಣ
ಎಸ್‌ಐಆರ್ ಮಾಹಿತಿಯನ್ನು ಹಂಚಿಕೊಳ್ಳಲು ಸಾಧ್ಯವಾಗದ 'ನೋ ಮ್ಯಾಪಿಂಗ್' ವಿಭಾಗದಲ್ಲಿ ದಾಖಲಾಗಿರುವ ಮತದಾರರಿಗೆ ಮುಂದಿನ ಹಂತದಲ್ಲಿ ನೋಟಿಸ್ ನೀಡಲಾಗುತ್ತದೆ ಎಂದು ತಿಳಿಸಲಾಗಿದೆ. ಚುನಾವಣಾ ಆಯೋಗದ ವೆಬ್‌ಸೈಟ್‌ನಲ್ಲಿ ಲಭ್ಯವಿರುವ ಮಾಹಿತಿಯ ಪ್ರಕಾರ ASDDO ಪಟ್ಟಿಯಲ್ಲಿರುವ ವಿವರಗಳನ್ನು ಪರಿಶೀಲಿಸಲು ಮತದಾರರಿಗೆ ಅವಕಾಶ ನೀಡಲಾಗಿದೆ. ಮತದಾರರ ಪಟ್ಟಿಯಲ್ಲಿ ಹೆಸರು ಸಂಬಂಧಿಸಿದ ಮಾಹಿತಿ ಪಡೆಯಲು ASDDO ಪಟ್ಟಿಯಲ್ಲಿ ಸೇರಿದ್ದರೆ, ನಿಗದಿತ ಅವಧಿಯೊಳಗೆ ಅಗತ್ಯ ದಾಖಲೆಗಳನ್ನು ಸಲ್ಲಿಸಬೇಕು.
ಕೃಷಿ ಅಧಿಕಾರಿ ನೇಮಕಾತಿ ಪರೀಕ್ಷೆ: ಎಂಜಿನಿಯರಿಂಗ್
ಪದವೀಧರರಿಗೆ ಅವಕಾಶ ನೀಡುವುದು ಸರಿಯಲ್ಲ
ವಿಶಾಲವಾಗಿ, ಇದು ಅರ್ಹ ಯುವಜನರಲ್ಲಿ ಗಂಭೀರವಾದ ಸಂಚಲನ ಉಂಟುಮಾಡುತ್ತದೆ. ಕೃಷಿ ವಿಜ್ಞಾನ ಪದವೀಧರರಿಗೆ ಮೀಸಲಾದ ಹುದ್ದೆಗಳಿಗೆ ಎಂಜಿನಿಯರಿಂಗ್ ಪದವೀಧರರಿಗೆ ಅವಕಾಶ ನೀಡುವುದು ಸರಿಯಲ್ಲ ಎಂದು ವಿದ್ಯಾರ್ಥಿ ಸಂಘಟನೆಗಳು ಆಕ್ಷೇಪ ವ್ಯಕ್ತಪಡಿಸಿವೆ. ಕೃಷಿ ಇಲಾಖೆಯ ನೇಮಕಾತಿ ನಿಯಮಗಳಲ್ಲಿ ಮಾಡಿರುವ ತಿದ್ದುಪಡಿಯನ್ನು ತಕ್ಷಣ ಹಿಂಪಡೆಯಬೇಕು ಎಂದು ಒತ್ತಾಯಿಸಿದ್ದಾರೆ. ವಿಶ್ವವಿದ್ಯಾಲಯಗಳಲ್ಲಿ ಕೃಷಿ ಪದವಿ ಪಡೆದ ಸಾವಿರಾರು ವಿದ್ಯಾರ್ಥಿಗಳು ಉದ್ಯೋಗಕ್ಕಾಗಿ ಕಾಯುತ್ತಿದ್ದಾರೆ. ಕೃಷಿ ಅಧಿಕಾರಿ ಹುದ್ದೆಗಳಿಗೆ ಕೃಷಿ ವಿಜ್ಞಾನದ ಜ್ಞಾನ ಅತ್ಯಗತ್ಯ. ಹೀಗಿರುವಾಗ ಎಂಜಿನಿಯರಿಂಗ್ ಪದವೀಧರರಿಗೆ ಅವಕಾಶ ನೀಡಿದರೆ ಕೃಷಿ ಪದವೀಧರರಿಗೆ ಅನ್ಯಾಯವಾಗುತ್ತದೆ. ಈ ಕುರಿತು ಸರ್ಕಾರ ಮರುಪರಿಶೀಲಿಸಬೇಕು. ಕೃಷಿ ವಿಶ್ವವಿದ್ಯಾಲಯಗಳ ಕುಲಪತಿಗಳು ಹಾಗೂ ತಜ್ಞರೊಂದಿಗೆ ಚರ್ಚಿಸಿ ಸೂಕ್ತ ನಿರ್ಧಾರ ಕೈಗೊಳ್ಳಬೇಕು. ಕೃಷಿ ಕ್ಷೇತ್ರದ ಅಭಿವೃದ್ಧಿಗೆ ಪರಿಣತರ ಅಗತ್ಯವಿದ್ದು ಅರ್ಹರಿಗೆ ಅವಕಾಶ ದೊರೆಯಬೇಕು ಎಂದು ಆಗ್ರಹಿಸಿದ್ದಾರೆ. ಉದ್ಯೋಗ ಆಕಾಂಕ್ಷಿಗಳು ಈ ಕುರಿತು ಮುಖ್ಯಮಂತ್ರಿಗಳಿಗೆ ಮನವಿ ಸಲ್ಲಿಸಲು ನಿರ್ಧರಿಸಿದ್ದಾರೆ. ವಿದ್ಯಾರ್ಥಿ ಸಂಘಟನೆಗಳ ಪದಾಧಿಕಾರಿಗಳು, ಕೃಷಿ ಪದವೀಧರರ ಸಂಘದ ಸದಸ್ಯರು ಪ್ರತಿಭಟನೆಯ ಎಚ್ಚರಿಕೆ ನೀಡಿದ್ದಾರೆ.
